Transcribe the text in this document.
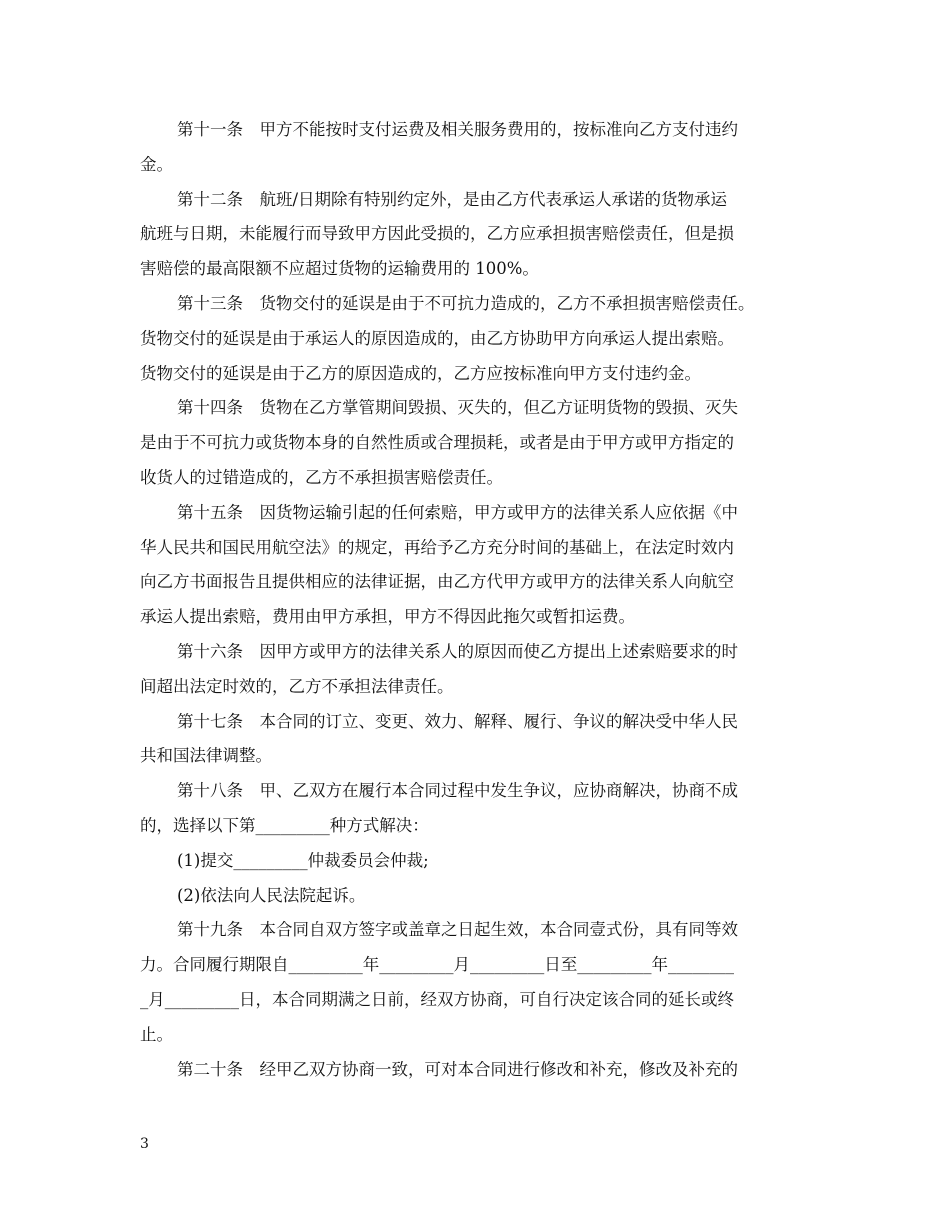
第十一条　甲方不能按时支付运费及相关服务费用的，按标准向乙方支付违约
金。
第十二条　航班/日期除有特别约定外，是由乙方代表承运人承诺的货物承运
航班与日期，未能履行而导致甲方因此受损的，乙方应承担损害赔偿责任，但是损
害赔偿的最高限额不应超过货物的运输费用的 100%。
第十三条　货物交付的延误是由于不可抗力造成的，乙方不承担损害赔偿责任。
货物交付的延误是由于承运人的原因造成的，由乙方协助甲方向承运人提出索赔。
货物交付的延误是由于乙方的原因造成的，乙方应按标准向甲方支付违约金。
第十四条　货物在乙方掌管期间毁损、灭失的，但乙方证明货物的毁损、灭失
是由于不可抗力或货物本身的自然性质或合理损耗，或者是由于甲方或甲方指定的
收货人的过错造成的，乙方不承担损害赔偿责任。
第十五条　因货物运输引起的任何索赔，甲方或甲方的法律关系人应依据《中
华人民共和国民用航空法》的规定，再给予乙方充分时间的基础上，在法定时效内
向乙方书面报告且提供相应的法律证据，由乙方代甲方或甲方的法律关系人向航空
承运人提出索赔，费用由甲方承担，甲方不得因此拖欠或暂扣运费。
第十六条　因甲方或甲方的法律关系人的原因而使乙方提出上述索赔要求的时
间超出法定时效的，乙方不承担法律责任。
第十七条　本合同的订立、变更、效力、解释、履行、争议的解决受中华人民
共和国法律调整。
第十八条　甲、乙双方在履行本合同过程中发生争议，应协商解决，协商不成
的，选择以下第_________种方式解决：
(1)提交_________仲裁委员会仲裁;
(2)依法向人民法院起诉。
第十九条　本合同自双方签字或盖章之日起生效，本合同壹式份，具有同等效
力。合同履行期限自_________年_________月_________日至_________年________
_月_________日，本合同期满之日前，经双方协商，可自行决定该合同的延长或终
止。
第二十条　经甲乙双方协商一致，可对本合同进行修改和补充，修改及补充的
3
